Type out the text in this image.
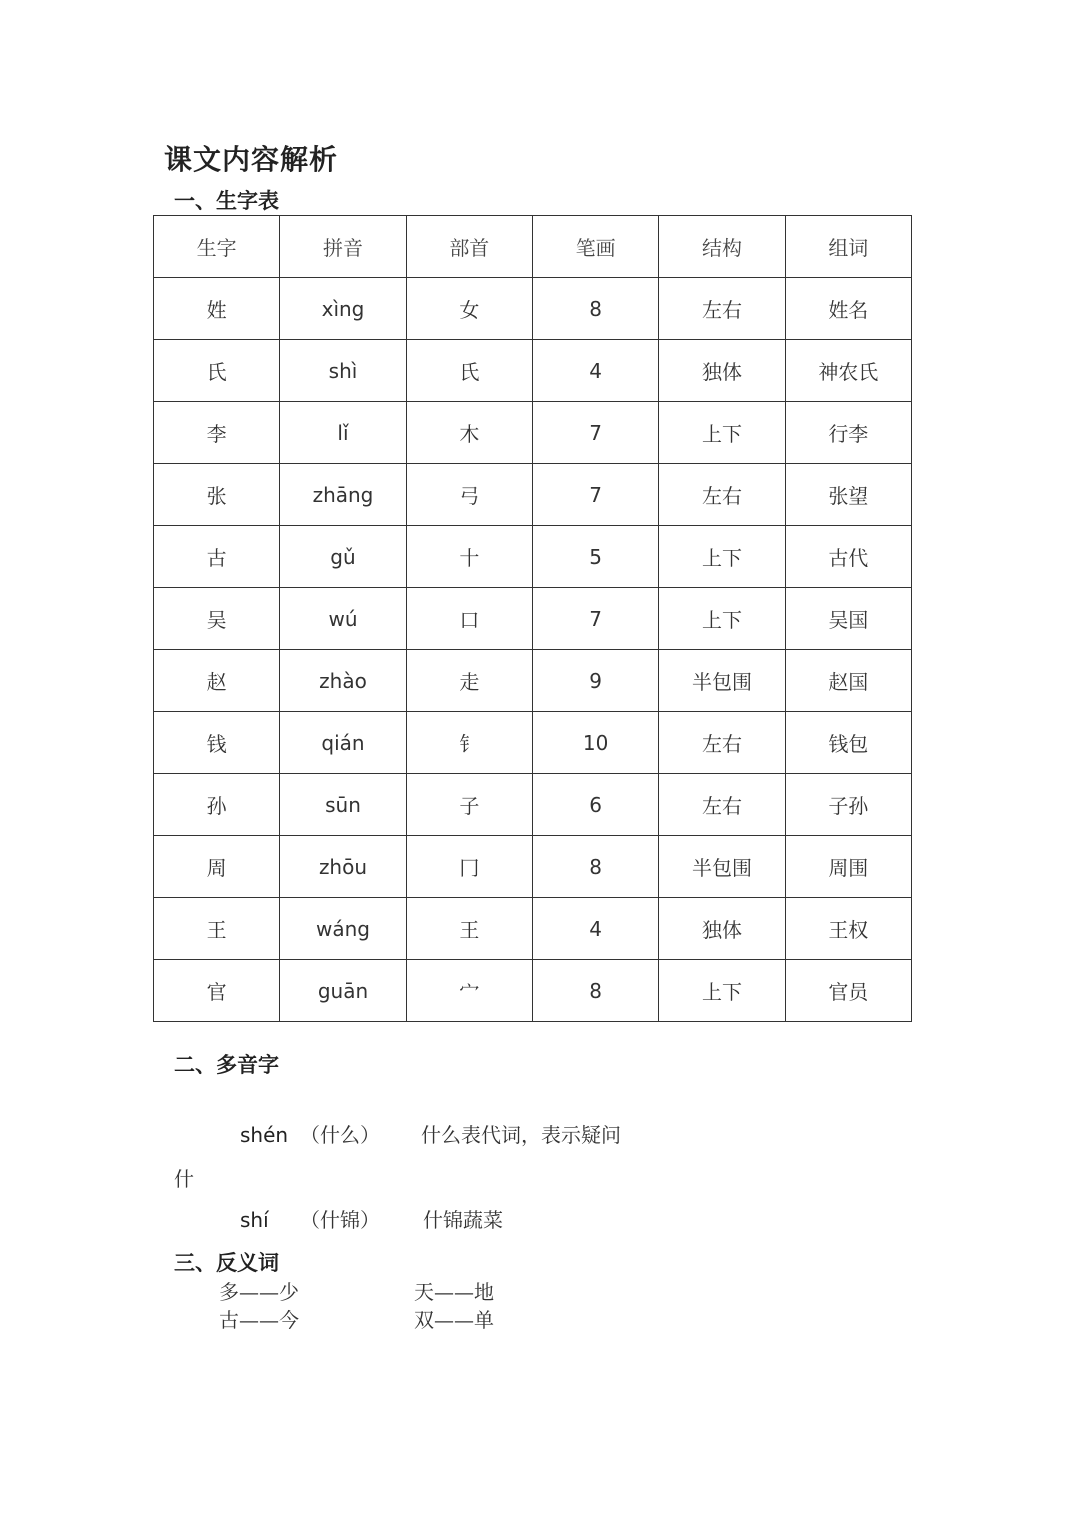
课文内容解析
一、生字表
生字	拼音	部首	笔画	结构	组词
姓	xìng	女	8	左右	姓名
氏	shì	氏	4	独体	神农氏
李	lǐ	木	7	上下	行李
张	zhāng	弓	7	左右	张望
古	gǔ	十	5	上下	古代
吴	wú	口	7	上下	吴国
赵	zhào	走	9	半包围	赵国
钱	qián	钅	10	左右	钱包
孙	sūn	子	6	左右	子孙
周	zhōu	冂	8	半包围	周围
王	wáng	王	4	独体	王权
官	guān	宀	8	上下	官员
二、多音字
shén （什么） 什么表代词，表示疑问
什
shí （什锦） 什锦蔬菜
三、反义词
多——少	天——地
古——今	双——单
